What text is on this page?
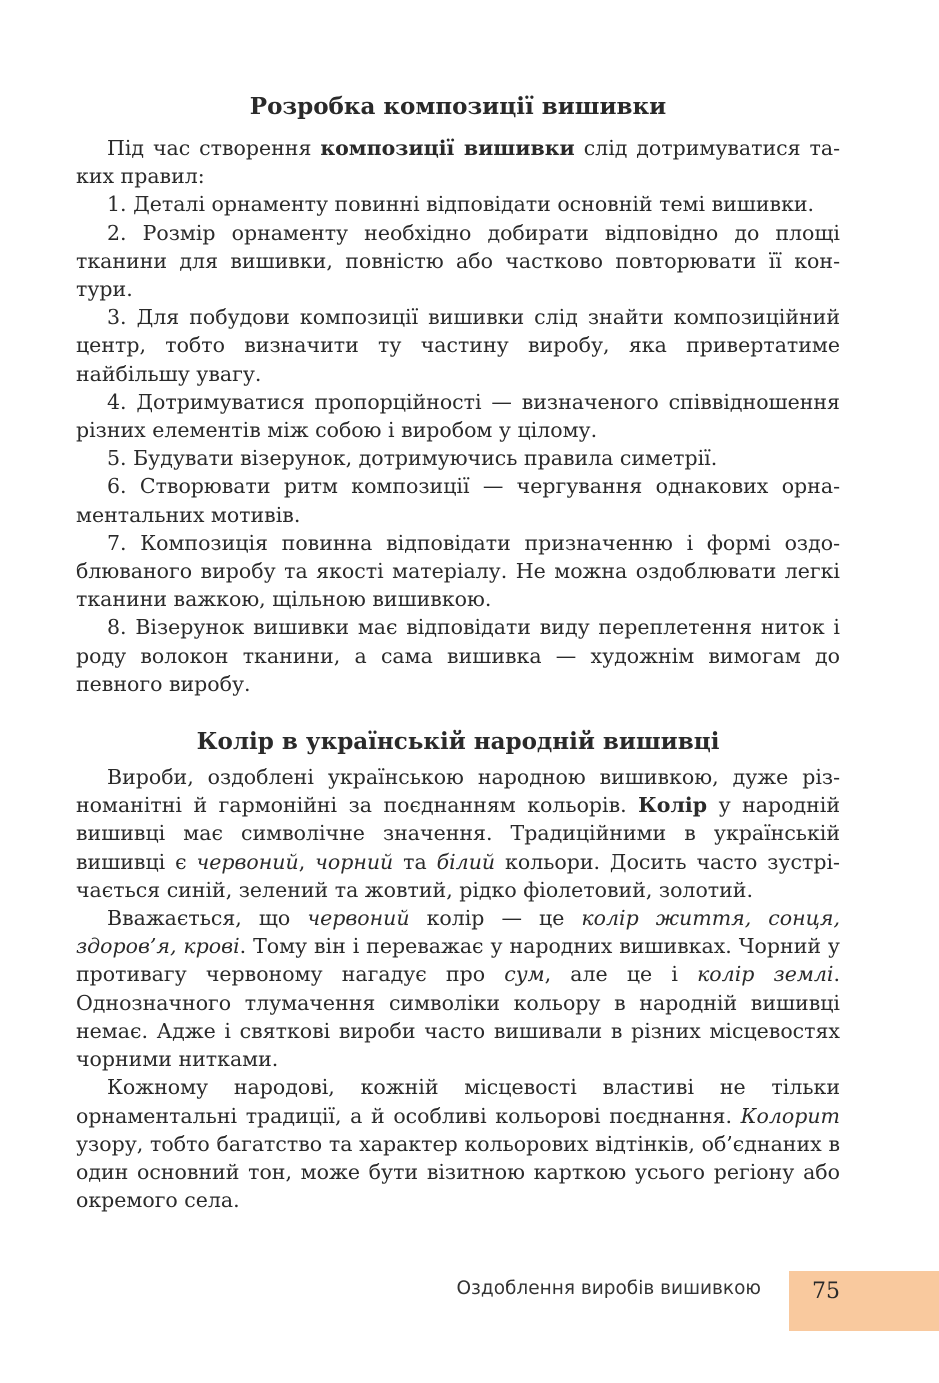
Розробка композиції вишивки

Під час створення композиції вишивки слід дотримуватися таких правил:

1. Деталі орнаменту повинні відповідати основній темі вишивки.

2. Розмір орнаменту необхідно добирати відповідно до площі тканини для вишивки, повністю або частково повторювати її контури.

3. Для побудови композиції вишивки слід знайти композиційний центр, тобто визначити ту частину виробу, яка привертатиме найбільшу увагу.

4. Дотримуватися пропорційності — визначеного співвідношення різних елементів між собою і виробом у цілому.

5. Будувати візерунок, дотримуючись правила симетрії.

6. Створювати ритм композиції — чергування однакових орнаментальних мотивів.

7. Композиція повинна відповідати призначенню і формі оздоблюваного виробу та якості матеріалу. Не можна оздоблювати легкі тканини важкою, щільною вишивкою.

8. Візерунок вишивки має відповідати виду переплетення ниток і роду волокон тканини, а сама вишивка — художнім вимогам до певного виробу.

Колір в українській народній вишивці

Вироби, оздоблені українською народною вишивкою, дуже різноманітні й гармонійні за поєднанням кольорів. Колір у народній вишивці має символічне значення. Традиційними в українській вишивці є червоний, чорний та білий кольори. Досить часто зустрічається синій, зелений та жовтий, рідко фіолетовий, золотий.

Вважається, що червоний колір — це колір життя, сонця, здоров’я, крові. Тому він і переважає у народних вишивках. Чорний у противагу червоному нагадує про сум, але це і колір землі. Однозначного тлумачення символіки кольору в народній вишивці немає. Адже і святкові вироби часто вишивали в різних місцевостях чорними нитками.

Кожному народові, кожній місцевості властиві не тільки орнаментальні традиції, а й особливі кольорові поєднання. Колорит узору, тобто багатство та характер кольорових відтінків, об’єднаних в один основний тон, може бути візитною карткою усього регіону або окремого села.

Оздоблення виробів вишивкою 75
